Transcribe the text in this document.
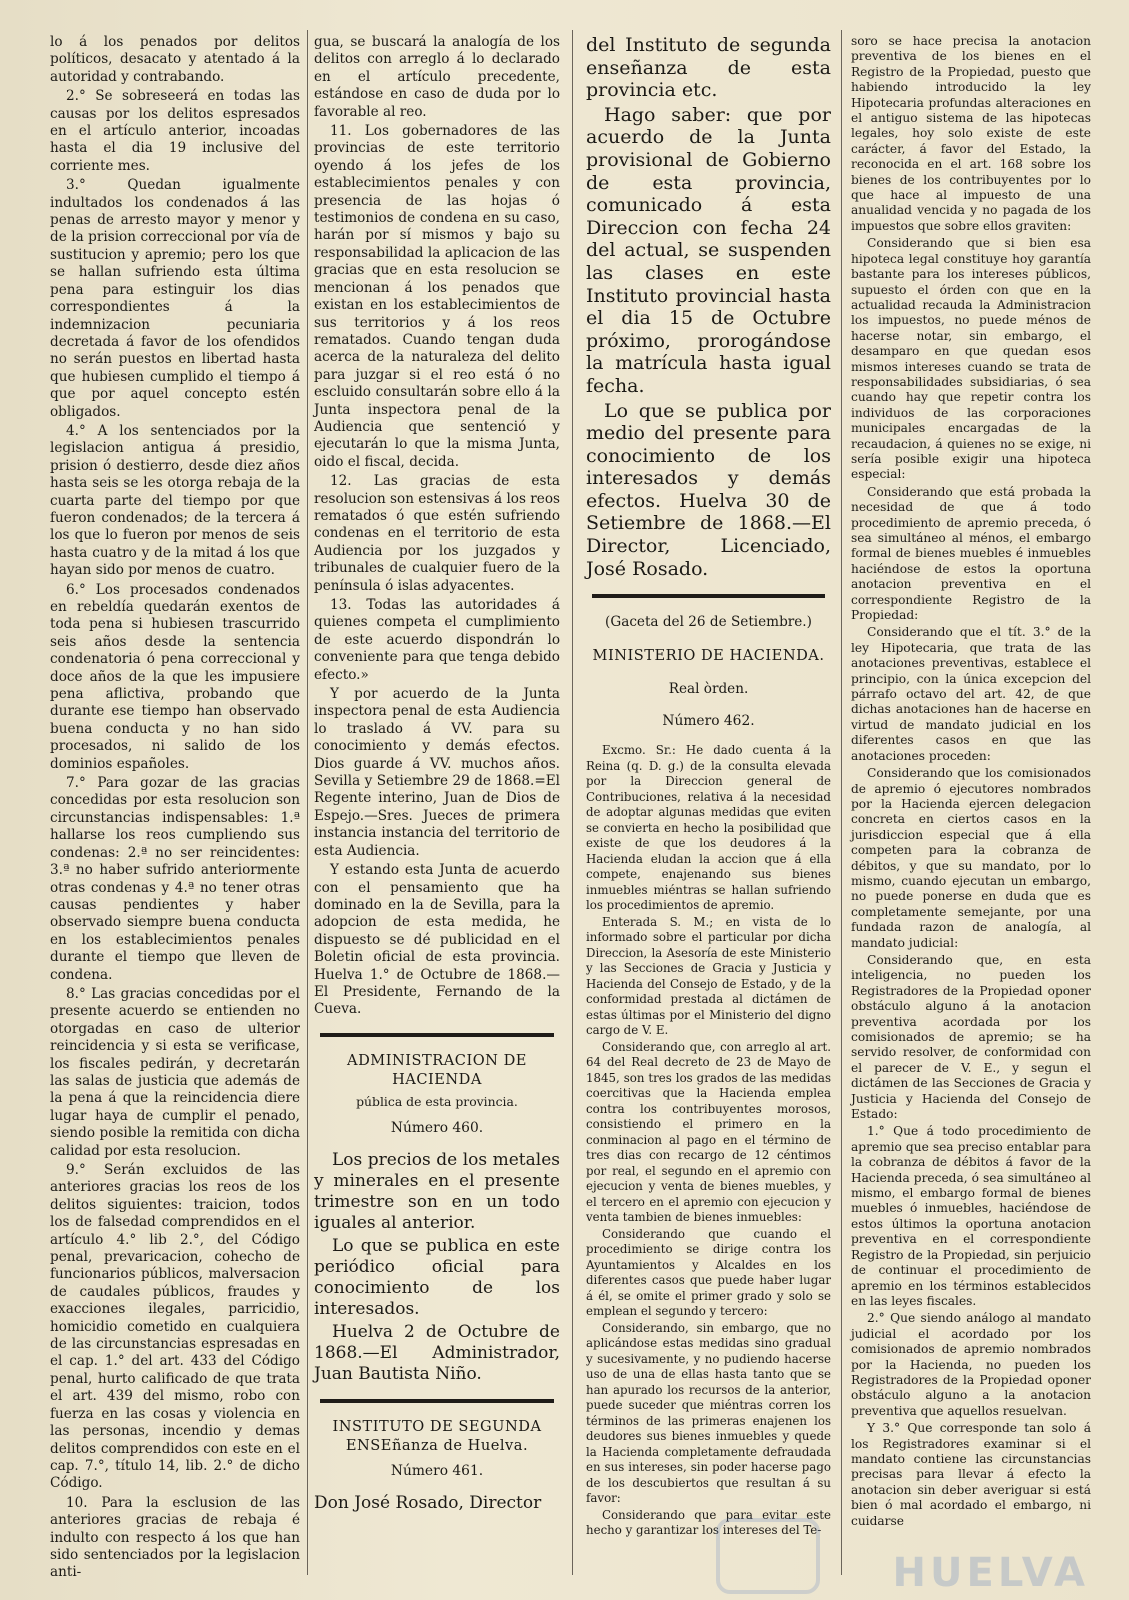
lo á los penados por delitos políticos, desacato y atentado á la autoridad y contrabando.

2.° Se sobreseerá en todas las causas por los delitos espresados en el artículo anterior, incoadas hasta el dia 19 inclusive del corriente mes.

3.° Quedan igualmente indultados los condenados á las penas de arresto mayor y menor y de la prision correccional por vía de sustitucion y apremio; pero los que se hallan sufriendo esta última pena para estinguir los dias correspondientes á la indemnizacion pecuniaria decretada á favor de los ofendidos no serán puestos en libertad hasta que hubiesen cumplido el tiempo á que por aquel concepto estén obligados.

4.° A los sentenciados por la legislacion antigua á presidio, prision ó destierro, desde diez años hasta seis se les otorga rebaja de la cuarta parte del tiempo por que fueron condenados; de la tercera á los que lo fueron por menos de seis hasta cuatro y de la mitad á los que hayan sido por menos de cuatro.

6.° Los procesados condenados en rebeldía quedarán exentos de toda pena si hubiesen trascurrido seis años desde la sentencia condenatoria ó pena correccional y doce años de la que les impusiere pena aflictiva, probando que durante ese tiempo han observado buena conducta y no han sido procesados, ni salido de los dominios españoles.

7.° Para gozar de las gracias concedidas por esta resolucion son circunstancias indispensables: 1.ª hallarse los reos cumpliendo sus condenas: 2.ª no ser reincidentes: 3.ª no haber sufrido anteriormente otras condenas y 4.ª no tener otras causas pendientes y haber observado siempre buena conducta en los establecimientos penales durante el tiempo que lleven de condena.

8.° Las gracias concedidas por el presente acuerdo se entienden no otorgadas en caso de ulterior reincidencia y si esta se verificase, los fiscales pedirán, y decretarán las salas de justicia que además de la pena á que la reincidencia diere lugar haya de cumplir el penado, siendo posible la remitida con dicha calidad por esta resolucion.

9.° Serán excluidos de las anteriores gracias los reos de los delitos siguientes: traicion, todos los de falsedad comprendidos en el artículo 4.° lib 2.°, del Código penal, prevaricacion, cohecho de funcionarios públicos, malversacion de caudales públicos, fraudes y exacciones ilegales, parricidio, homicidio cometido en cualquiera de las circunstancias espresadas en el cap. 1.° del art. 433 del Código penal, hurto calificado de que trata el art. 439 del mismo, robo con fuerza en las cosas y violencia en las personas, incendio y demas delitos comprendidos con este en el cap. 7.°, título 14, lib. 2.° de dicho Código.

10. Para la esclusion de las anteriores gracias de rebaja é indulto con respecto á los que han sido sentenciados por la legislacion anti-

gua, se buscará la analogía de los delitos con arreglo á lo declarado en el artículo precedente, estándose en caso de duda por lo favorable al reo.

11. Los gobernadores de las provincias de este territorio oyendo á los jefes de los establecimientos penales y con presencia de las hojas ó testimonios de condena en su caso, harán por sí mismos y bajo su responsabilidad la aplicacion de las gracias que en esta resolucion se mencionan á los penados que existan en los establecimientos de sus territorios y á los reos rematados. Cuando tengan duda acerca de la naturaleza del delito para juzgar si el reo está ó no escluido consultarán sobre ello á la Junta inspectora penal de la Audiencia que sentenció y ejecutarán lo que la misma Junta, oido el fiscal, decida.

12. Las gracias de esta resolucion son estensivas á los reos rematados ó que estén sufriendo condenas en el territorio de esta Audiencia por los juzgados y tribunales de cualquier fuero de la península ó islas adyacentes.

13. Todas las autoridades á quienes competa el cumplimiento de este acuerdo dispondrán lo conveniente para que tenga debido efecto.»

Y por acuerdo de la Junta inspectora penal de esta Audiencia lo traslado á VV. para su conocimiento y demás efectos. Dios guarde á VV. muchos años. Sevilla y Setiembre 29 de 1868.=El Regente interino, Juan de Dios de Espejo.—Sres. Jueces de primera instancia instancia del territorio de esta Audiencia.

Y estando esta Junta de acuerdo con el pensamiento que ha dominado en la de Sevilla, para la adopcion de esta medida, he dispuesto se dé publicidad en el Boletin oficial de esta provincia. Huelva 1.° de Octubre de 1868.—El Presidente, Fernando de la Cueva.

ADMINISTRACION DE HACIENDA
pública de esta provincia.
Número 460.
Los precios de los metales y minerales en el presente trimestre son en un todo iguales al anterior.
Lo que se publica en este periódico oficial para conocimiento de los interesados.
Huelva 2 de Octubre de 1868.—El Administrador, Juan Bautista Niño.
INSTITUTO DE SEGUNDA ENSEñanza de Huelva.
Número 461.
Don José Rosado, Director
del Instituto de segunda enseñanza de esta provincia etc.
Hago saber: que por acuerdo de la Junta provisional de Gobierno de esta provincia, comunicado á esta Direccion con fecha 24 del actual, se suspenden las clases en este Instituto provincial hasta el dia 15 de Octubre próximo, prorogándose la matrícula hasta igual fecha.
Lo que se publica por medio del presente para conocimiento de los interesados y demás efectos. Huelva 30 de Setiembre de 1868.—El Director, Licenciado, José Rosado.
(Gaceta del 26 de Setiembre.)
MINISTERIO DE HACIENDA.
Real òrden.
Número 462.

Excmo. Sr.: He dado cuenta á la Reina (q. D. g.) de la consulta elevada por la Direccion general de Contribuciones, relativa á la necesidad de adoptar algunas medidas que eviten se convierta en hecho la posibilidad que existe de que los deudores á la Hacienda eludan la accion que á ella compete, enajenando sus bienes inmuebles miéntras se hallan sufriendo los procedimientos de apremio.

Enterada S. M.; en vista de lo informado sobre el particular por dicha Direccion, la Asesoría de este Ministerio y las Secciones de Gracia y Justicia y Hacienda del Consejo de Estado, y de la conformidad prestada al dictámen de estas últimas por el Ministerio del digno cargo de V. E.

Considerando que, con arreglo al art. 64 del Real decreto de 23 de Mayo de 1845, son tres los grados de las medidas coercitivas que la Hacienda emplea contra los contribuyentes morosos, consistiendo el primero en la conminacion al pago en el término de tres dias con recargo de 12 céntimos por real, el segundo en el apremio con ejecucion y venta de bienes muebles, y el tercero en el apremio con ejecucion y venta tambien de bienes inmuebles:

Considerando que cuando el procedimiento se dirige contra los Ayuntamientos y Alcaldes en los diferentes casos que puede haber lugar á él, se omite el primer grado y solo se emplean el segundo y tercero:

Considerando, sin embargo, que no aplicándose estas medidas sino gradual y sucesivamente, y no pudiendo hacerse uso de una de ellas hasta tanto que se han apurado los recursos de la anterior, puede suceder que miéntras corren los términos de las primeras enajenen los deudores sus bienes inmuebles y quede la Hacienda completamente defraudada en sus intereses, sin poder hacerse pago de los descubiertos que resultan á su favor:

Considerando que para evitar este hecho y garantizar los intereses del Te-

soro se hace precisa la anotacion preventiva de los bienes en el Registro de la Propiedad, puesto que habiendo introducido la ley Hipotecaria profundas alteraciones en el antiguo sistema de las hipotecas legales, hoy solo existe de este carácter, á favor del Estado, la reconocida en el art. 168 sobre los bienes de los contribuyentes por lo que hace al impuesto de una anualidad vencida y no pagada de los impuestos que sobre ellos graviten:

Considerando que si bien esa hipoteca legal constituye hoy garantía bastante para los intereses públicos, supuesto el órden con que en la actualidad recauda la Administracion los impuestos, no puede ménos de hacerse notar, sin embargo, el desamparo en que quedan esos mismos intereses cuando se trata de responsabilidades subsidiarias, ó sea cuando hay que repetir contra los individuos de las corporaciones municipales encargadas de la recaudacion, á quienes no se exige, ni sería posible exigir una hipoteca especial:

Considerando que está probada la necesidad de que á todo procedimiento de apremio preceda, ó sea simultáneo al ménos, el embargo formal de bienes muebles é inmuebles haciéndose de estos la oportuna anotacion preventiva en el correspondiente Registro de la Propiedad:

Considerando que el tít. 3.° de la ley Hipotecaria, que trata de las anotaciones preventivas, establece el principio, con la única excepcion del párrafo octavo del art. 42, de que dichas anotaciones han de hacerse en virtud de mandato judicial en los diferentes casos en que las anotaciones proceden:

Considerando que los comisionados de apremio ó ejecutores nombrados por la Hacienda ejercen delegacion concreta en ciertos casos en la jurisdiccion especial que á ella competen para la cobranza de débitos, y que su mandato, por lo mismo, cuando ejecutan un embargo, no puede ponerse en duda que es completamente semejante, por una fundada razon de analogía, al mandato judicial:

Considerando que, en esta inteligencia, no pueden los Registradores de la Propiedad oponer obstáculo alguno á la anotacion preventiva acordada por los comisionados de apremio; se ha servido resolver, de conformidad con el parecer de V. E., y segun el dictámen de las Secciones de Gracia y Justicia y Hacienda del Consejo de Estado:

1.° Que á todo procedimiento de apremio que sea preciso entablar para la cobranza de débitos á favor de la Hacienda preceda, ó sea simultáneo al mismo, el embargo formal de bienes muebles ó inmuebles, haciéndose de estos últimos la oportuna anotacion preventiva en el correspondiente Registro de la Propiedad, sin perjuicio de continuar el procedimiento de apremio en los términos establecidos en las leyes fiscales.

2.° Que siendo análogo al mandato judicial el acordado por los comisionados de apremio nombrados por la Hacienda, no pueden los Registradores de la Propiedad oponer obstáculo alguno a la anotacion preventiva que aquellos resuelvan.

Y 3.° Que corresponde tan solo á los Registradores examinar si el mandato contiene las circunstancias precisas para llevar á efecto la anotacion sin deber averiguar si está bien ó mal acordado el embargo, ni cuidarse

HUELVA
